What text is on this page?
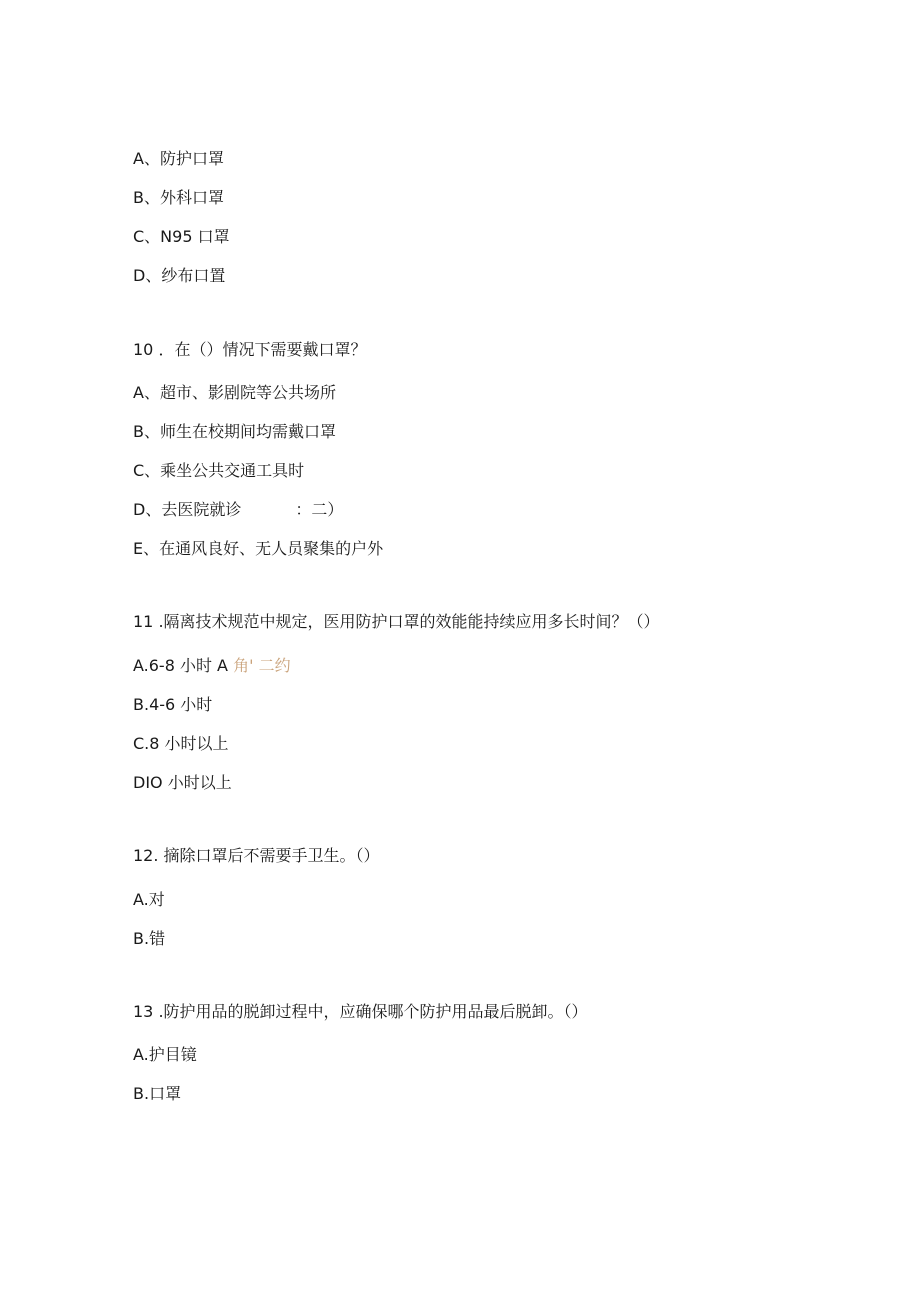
A、防护口罩
B、外科口罩
C、N95 口罩
D、纱布口置
10 ．在（）情况下需要戴口罩？
A、超市、影剧院等公共场所
B、师生在校期间均需戴口罩
C、乘坐公共交通工具时
D、去医院就诊	：二）
E、在通风良好、无人员聚集的户外
11 .隔离技术规范中规定，医用防护口罩的效能能持续应用多长时间？（）
A.6-8 小时 A 角' 二约
B.4-6 小时
C.8 小时以上
DIO 小时以上
12. 摘除口罩后不需要手卫生。（）
A.对
B.错
13 .防护用品的脱卸过程中，应确保哪个防护用品最后脱卸。（）
A.护目镜
B.口罩
